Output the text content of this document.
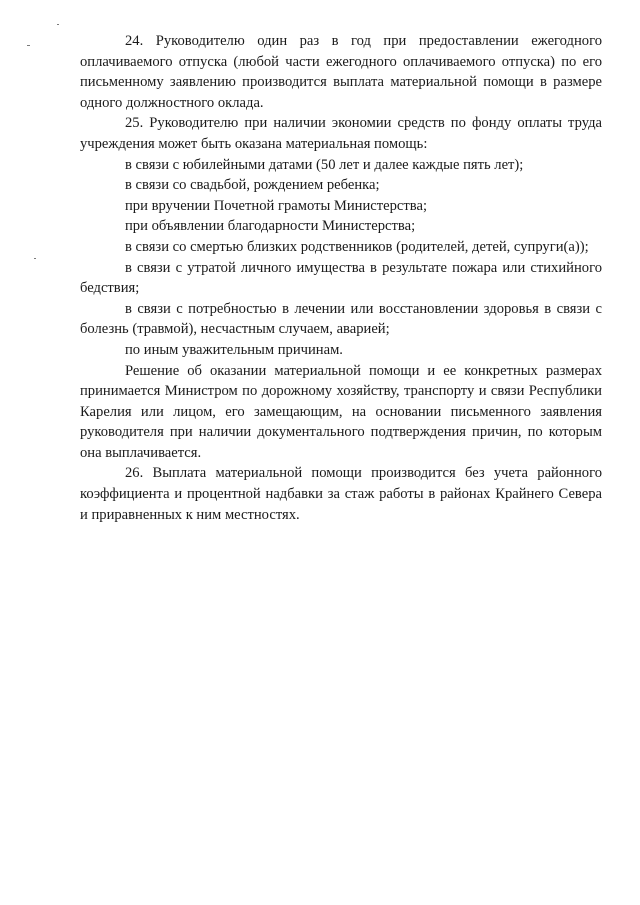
24. Руководителю один раз в год при предоставлении ежегодного оплачиваемого отпуска (любой части ежегодного оплачиваемого отпуска) по его письменному заявлению производится выплата материальной помощи в размере одного должностного оклада.

25. Руководителю при наличии экономии средств по фонду оплаты труда учреждения может быть оказана материальная помощь:

в связи с юбилейными датами (50 лет и далее каждые пять лет);

в связи со свадьбой, рождением ребенка;

при вручении Почетной грамоты Министерства;

при объявлении благодарности Министерства;

в связи со смертью близких родственников (родителей, детей, супруги(а));

в связи с утратой личного имущества в результате пожара или стихийного бедствия;

в связи с потребностью в лечении или восстановлении здоровья в связи с болезнь (травмой), несчастным случаем, аварией;

по иным уважительным причинам.

Решение об оказании материальной помощи и ее конкретных размерах принимается Министром по дорожному хозяйству, транспорту и связи Республики Карелия или лицом, его замещающим, на основании письменного заявления руководителя при наличии документального подтверждения причин, по которым она выплачивается.

26. Выплата материальной помощи производится без учета районного коэффициента и процентной надбавки за стаж работы в районах Крайнего Севера и приравненных к ним местностях.
